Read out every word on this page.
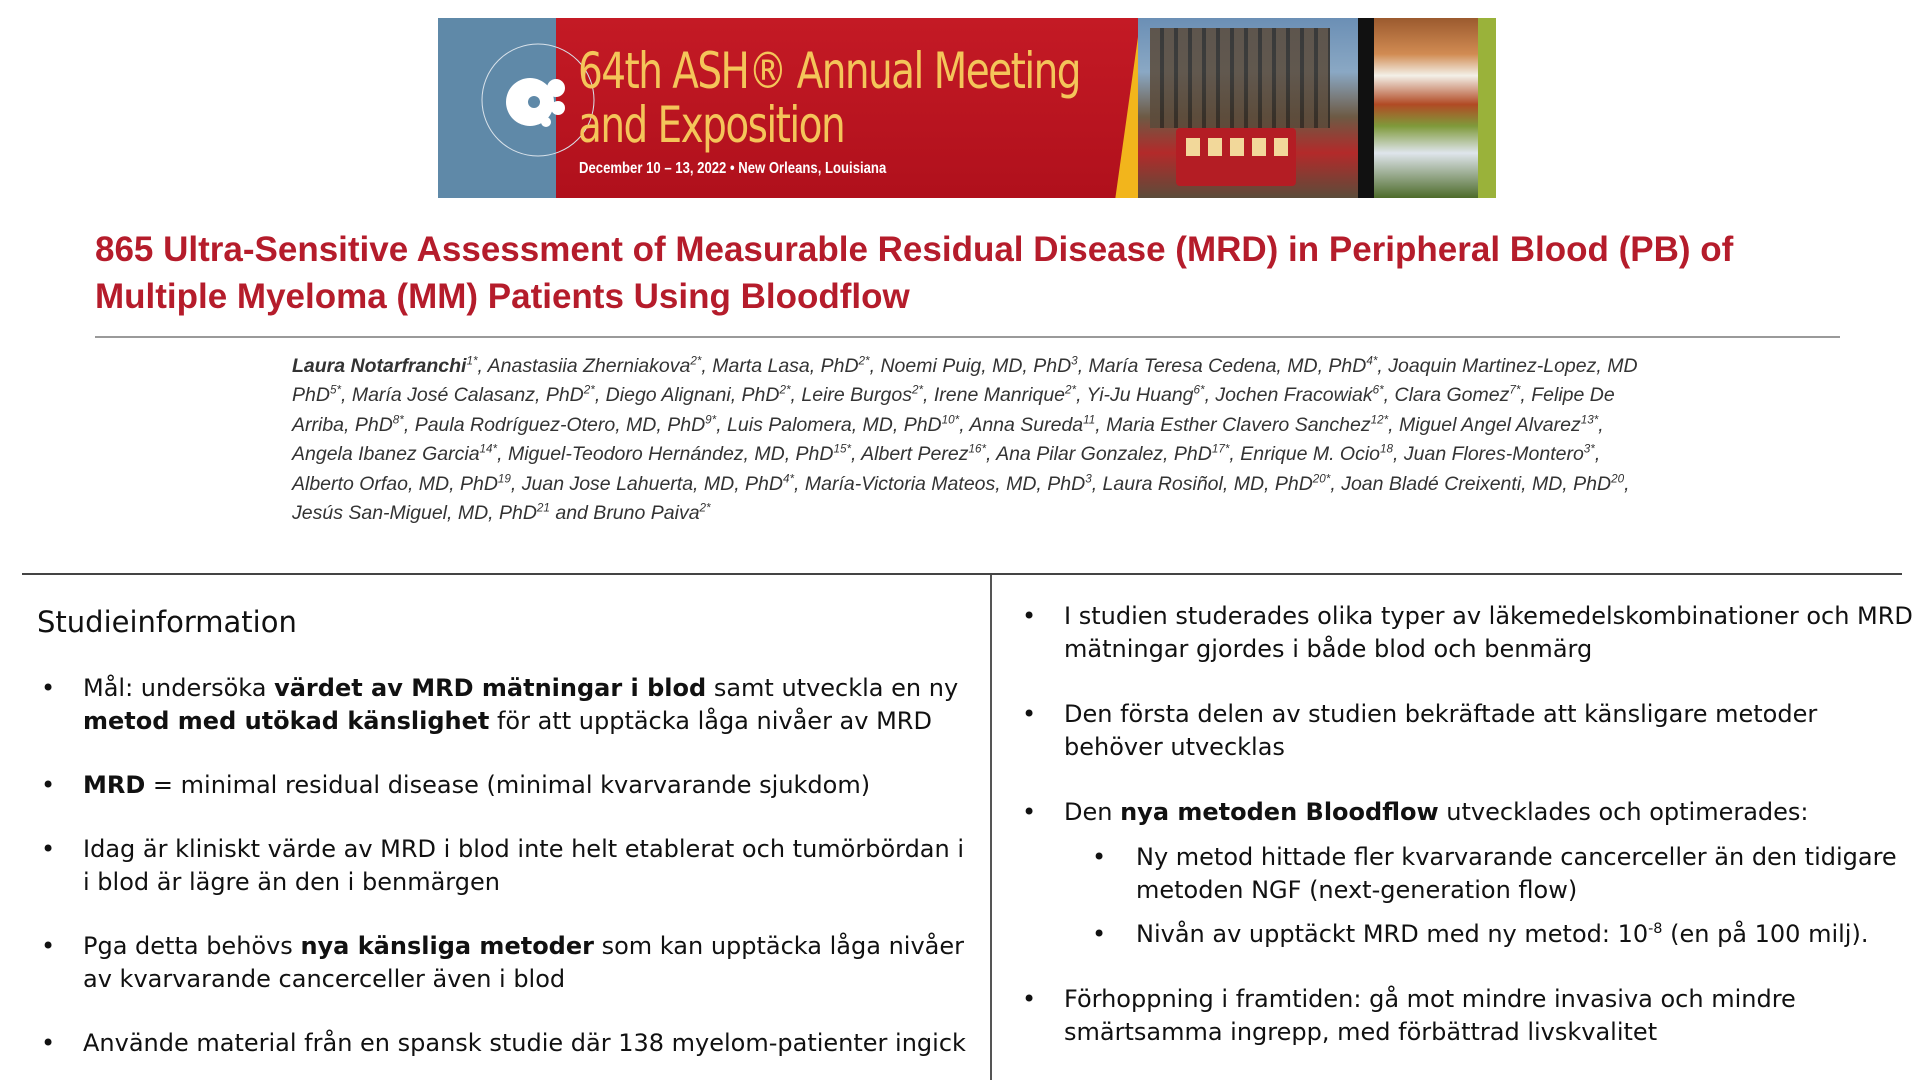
64th ASH® Annual Meeting
and Exposition
December 10 – 13, 2022 • New Orleans, Louisiana
865 Ultra-Sensitive Assessment of Measurable Residual Disease (MRD) in Peripheral Blood (PB) of Multiple Myeloma (MM) Patients Using Bloodflow

Laura Notarfranchi$^{1*}$, Anastasiia Zherniakova$^{2*}$, Marta Lasa, PhD$^{2*}$, Noemi Puig, MD, PhD$^3$, María Teresa Cedena, MD, PhD$^{4*}$, Joaquin Martinez-Lopez, MD PhD$^{5*}$, María José Calasanz, PhD$^{2*}$, Diego Alignani, PhD$^{2*}$, Leire Burgos$^{2*}$, Irene Manrique$^{2*}$, Yi-Ju Huang$^{6*}$, Jochen Fracowiak$^{6*}$, Clara Gomez$^{7*}$, Felipe De Arriba, PhD$^{8*}$, Paula Rodríguez-Otero, MD, PhD$^{9*}$, Luis Palomera, MD, PhD$^{10*}$, Anna Sureda$^{11}$, Maria Esther Clavero Sanchez$^{12*}$, Miguel Angel Alvarez$^{13*}$, Angela Ibanez Garcia$^{14*}$, Miguel-Teodoro Hernández, MD, PhD$^{15*}$, Albert Perez$^{16*}$, Ana Pilar Gonzalez, PhD$^{17*}$, Enrique M. Ocio$^{18}$, Juan Flores-Montero$^{3*}$, Alberto Orfao, MD, PhD$^{19}$, Juan Jose Lahuerta, MD, PhD$^{4*}$, María-Victoria Mateos, MD, PhD$^3$, Laura Rosiñol, MD, PhD$^{20*}$, Joan Bladé Creixenti, MD, PhD$^{20}$, Jesús San-Miguel, MD, PhD$^{21}$ and Bruno Paiva$^{2*}$

Studieinformation
• Mål: undersöka värdet av MRD mätningar i blod samt utveckla en ny metod med utökad känslighet för att upptäcka låga nivåer av MRD
• MRD = minimal residual disease (minimal kvarvarande sjukdom)
• Idag är kliniskt värde av MRD i blod inte helt etablerat och tumörbördan i i blod är lägre än den i benmärgen
• Pga detta behövs nya känsliga metoder som kan upptäcka låga nivåer av kvarvarande cancerceller även i blod
• Använde material från en spansk studie där 138 myelom-patienter ingick
• I studien studerades olika typer av läkemedelskombinationer och MRD mätningar gjordes i både blod och benmärg
• Den första delen av studien bekräftade att känsligare metoder behöver utvecklas
• Den nya metoden Bloodflow utvecklades och optimerades:
• Ny metod hittade fler kvarvarande cancerceller än den tidigare metoden NGF (next-generation flow)
• Nivån av upptäckt MRD med ny metod: $10^{-8}$ (en på 100 milj).
• Förhoppning i framtiden: gå mot mindre invasiva och mindre smärtsamma ingrepp, med förbättrad livskvalitet
